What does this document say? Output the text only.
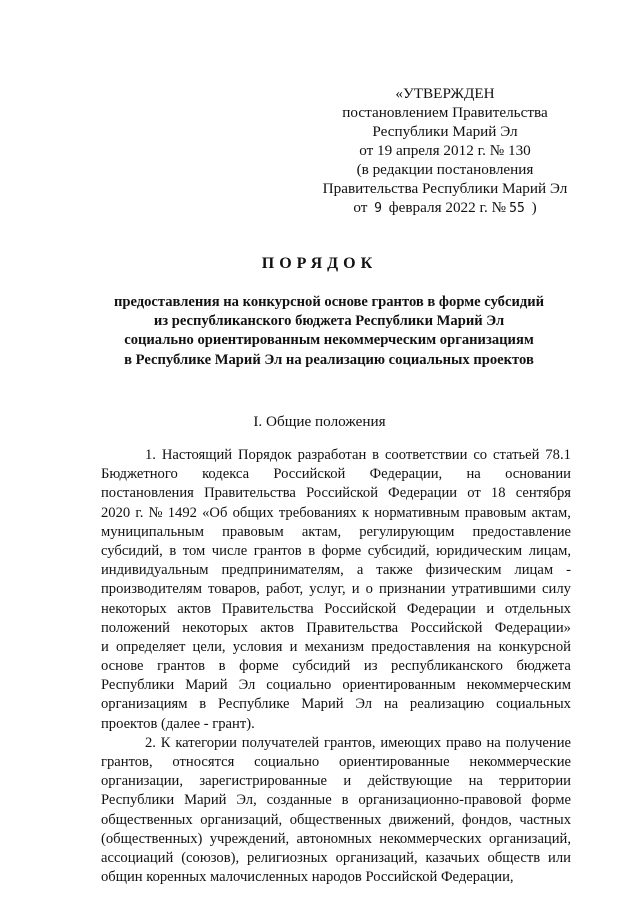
«УТВЕРЖДЕН
постановлением Правительства
Республики Марий Эл
от 19 апреля 2012 г. № 130
(в редакции постановления
Правительства Республики Марий Эл
от 9 февраля 2022 г. № 55 )
ПОРЯДОК
предоставления на конкурсной основе грантов в форме субсидий
из республиканского бюджета Республики Марий Эл
социально ориентированным некоммерческим организациям
в Республике Марий Эл на реализацию социальных проектов
I. Общие положения
1. Настоящий Порядок разработан в соответствии со статьей 78.1
Бюджетного кодекса Российской Федерации, на основании
постановления Правительства Российской Федерации от 18 сентября
2020 г. № 1492 «Об общих требованиях к нормативным правовым актам,
муниципальным правовым актам, регулирующим предоставление
субсидий, в том числе грантов в форме субсидий, юридическим лицам,
индивидуальным предпринимателям, а также физическим лицам -
производителям товаров, работ, услуг, и о признании утратившими силу
некоторых актов Правительства Российской Федерации и отдельных
положений некоторых актов Правительства Российской Федерации»
и определяет цели, условия и механизм предоставления на конкурсной
основе грантов в форме субсидий из республиканского бюджета
Республики Марий Эл социально ориентированным некоммерческим
организациям в Республике Марий Эл на реализацию социальных
проектов (далее - грант).
2. К категории получателей грантов, имеющих право на получение
грантов, относятся социально ориентированные некоммерческие
организации, зарегистрированные и действующие на территории
Республики Марий Эл, созданные в организационно-правовой форме
общественных организаций, общественных движений, фондов, частных
(общественных) учреждений, автономных некоммерческих организаций,
ассоциаций (союзов), религиозных организаций, казачьих обществ или
общин коренных малочисленных народов Российской Федерации,
